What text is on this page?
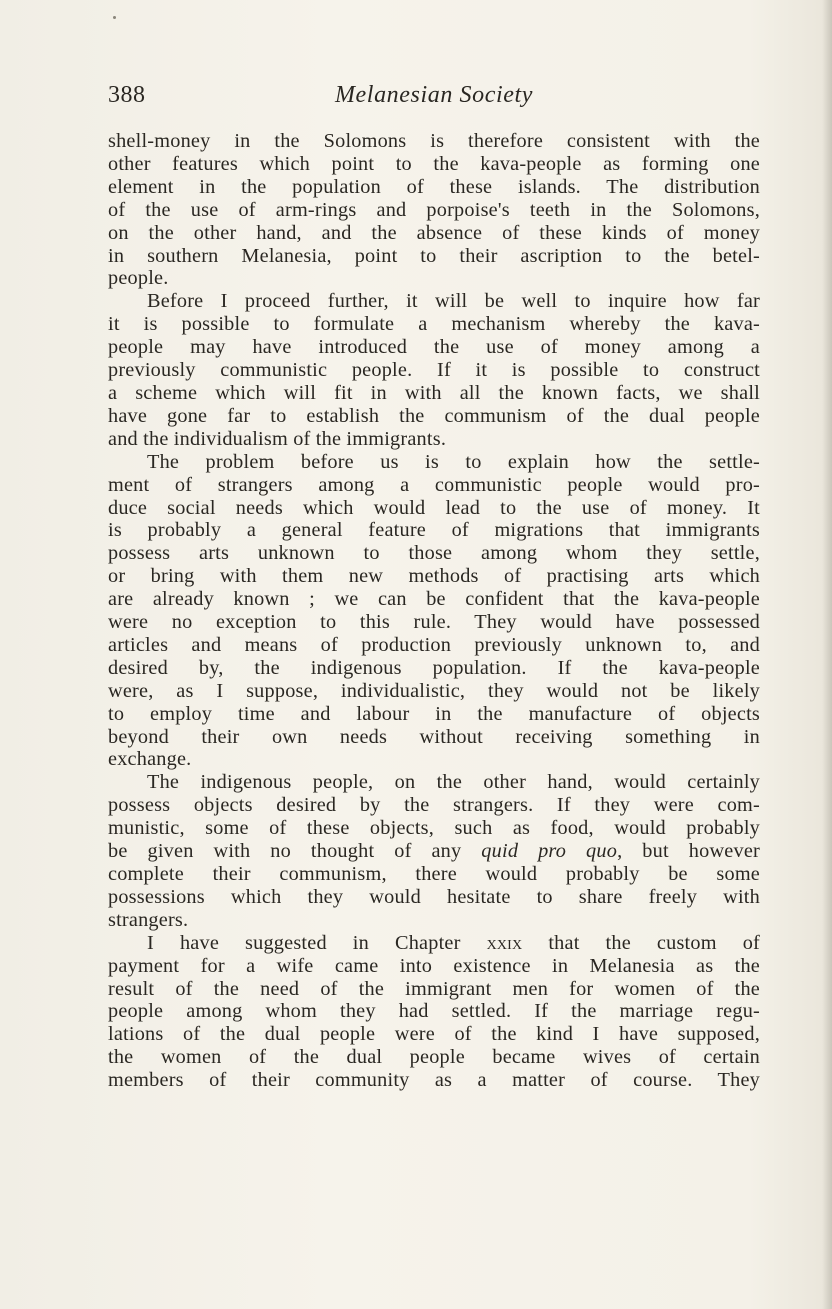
388	Melanesian Society

shell-money in the Solomons is therefore consistent with the
other features which point to the kava-people as forming one
element in the population of these islands. The distribution
of the use of arm-rings and porpoise's teeth in the Solomons,
on the other hand, and the absence of these kinds of money
in southern Melanesia, point to their ascription to the betel-
people.

Before I proceed further, it will be well to inquire how far
it is possible to formulate a mechanism whereby the kava-
people may have introduced the use of money among a
previously communistic people. If it is possible to construct
a scheme which will fit in with all the known facts, we shall
have gone far to establish the communism of the dual people
and the individualism of the immigrants.

The problem before us is to explain how the settle-
ment of strangers among a communistic people would pro-
duce social needs which would lead to the use of money. It
is probably a general feature of migrations that immigrants
possess arts unknown to those among whom they settle,
or bring with them new methods of practising arts which
are already known ; we can be confident that the kava-people
were no exception to this rule. They would have possessed
articles and means of production previously unknown to, and
desired by, the indigenous population. If the kava-people
were, as I suppose, individualistic, they would not be likely
to employ time and labour in the manufacture of objects
beyond their own needs without receiving something in
exchange.

The indigenous people, on the other hand, would certainly
possess objects desired by the strangers. If they were com-
munistic, some of these objects, such as food, would probably
be given with no thought of any quid pro quo, but however
complete their communism, there would probably be some
possessions which they would hesitate to share freely with
strangers.

I have suggested in Chapter xxix that the custom of
payment for a wife came into existence in Melanesia as the
result of the need of the immigrant men for women of the
people among whom they had settled. If the marriage regu-
lations of the dual people were of the kind I have supposed,
the women of the dual people became wives of certain
members of their community as a matter of course. They
